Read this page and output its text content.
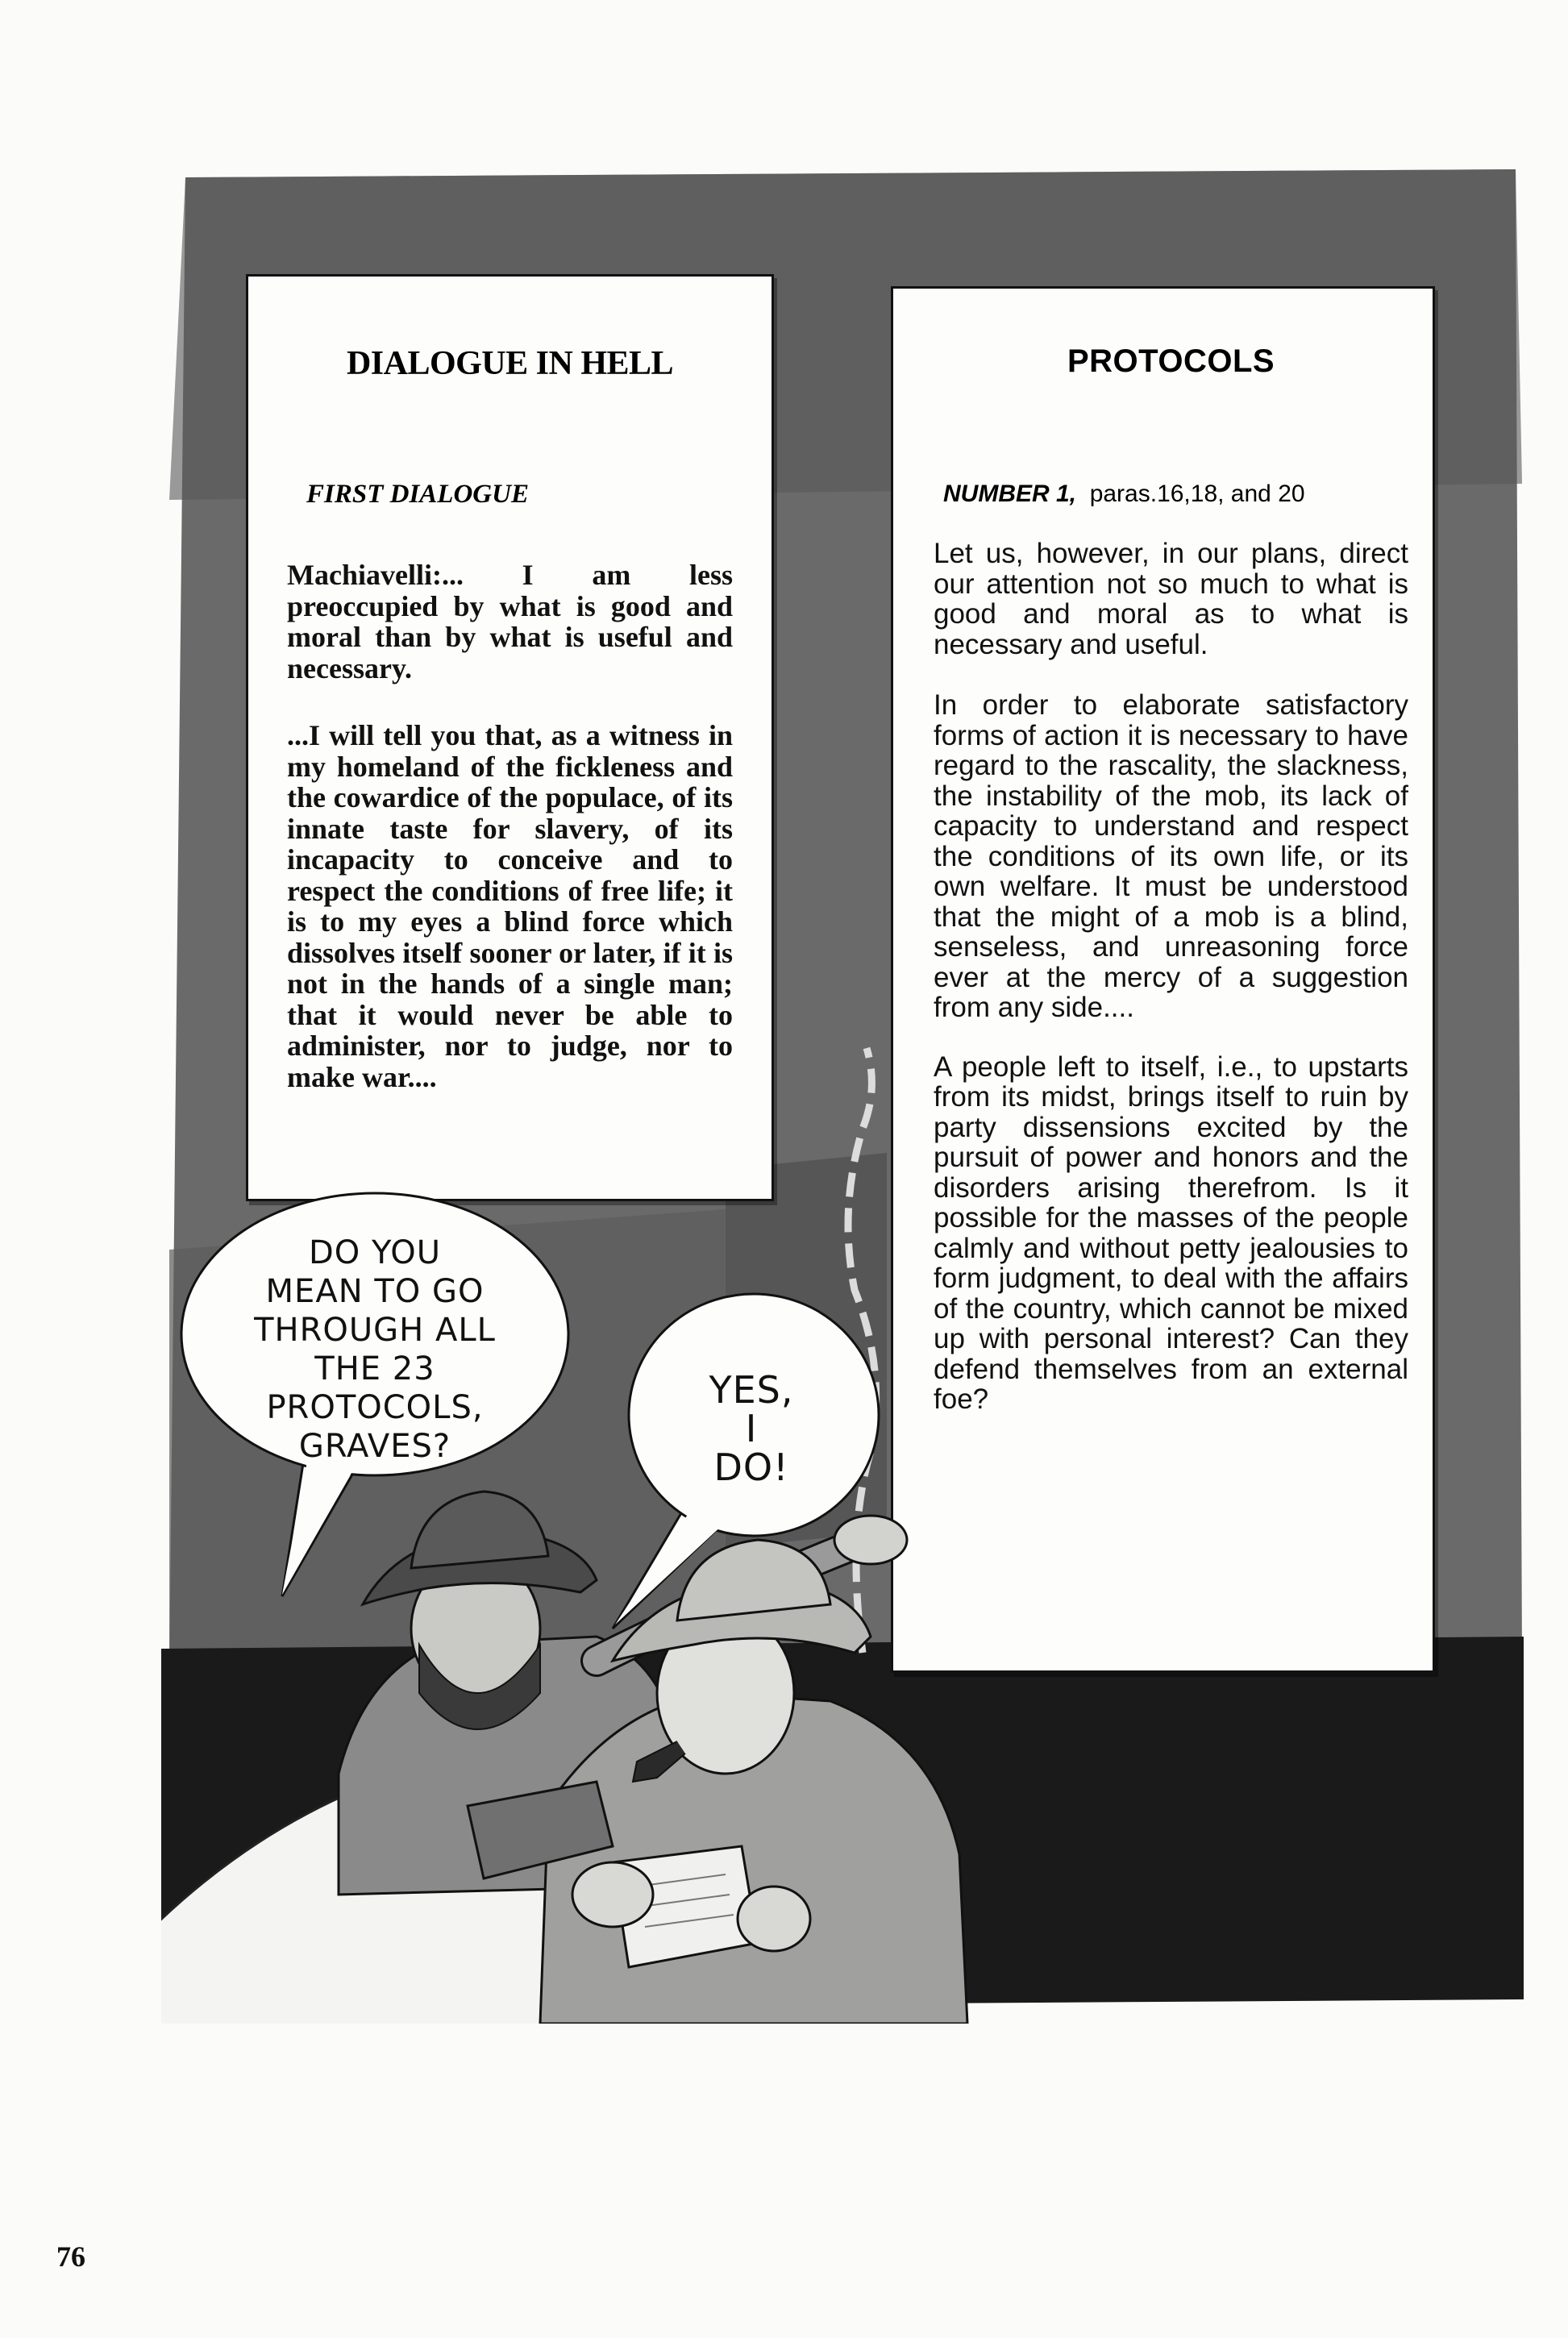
DIALOGUE IN HELL

FIRST DIALOGUE

Machiavelli:... I am less preoccupied by what is good and moral than by what is useful and necessary.

...I will tell you that, as a witness in my homeland of the fickleness and the cowardice of the populace, of its innate taste for slavery, of its incapacity to conceive and to respect the conditions of free life; it is to my eyes a blind force which dissolves itself sooner or later, if it is not in the hands of a single man; that it would never be able to administer, nor to judge, nor to make war....

PROTOCOLS

NUMBER 1, paras.16,18, and 20

Let us, however, in our plans, direct our attention not so much to what is good and moral as to what is necessary and useful.

In order to elaborate satisfactory forms of action it is necessary to have regard to the rascality, the slackness, the instability of the mob, its lack of capacity to understand and respect the conditions of its own life, or its own welfare. It must be understood that the might of a mob is a blind, senseless, and unreasoning force ever at the mercy of a suggestion from any side....

A people left to itself, i.e., to upstarts from its midst, brings itself to ruin by party dissensions excited by the pursuit of power and honors and the disorders arising therefrom. Is it possible for the masses of the people calmly and without petty jealousies to form judgment, to deal with the affairs of the country, which cannot be mixed up with personal interest? Can they defend themselves from an external foe?

DO YOU
MEAN TO GO
THROUGH ALL
THE 23
PROTOCOLS,
GRAVES?

YES,
I
DO!

76
